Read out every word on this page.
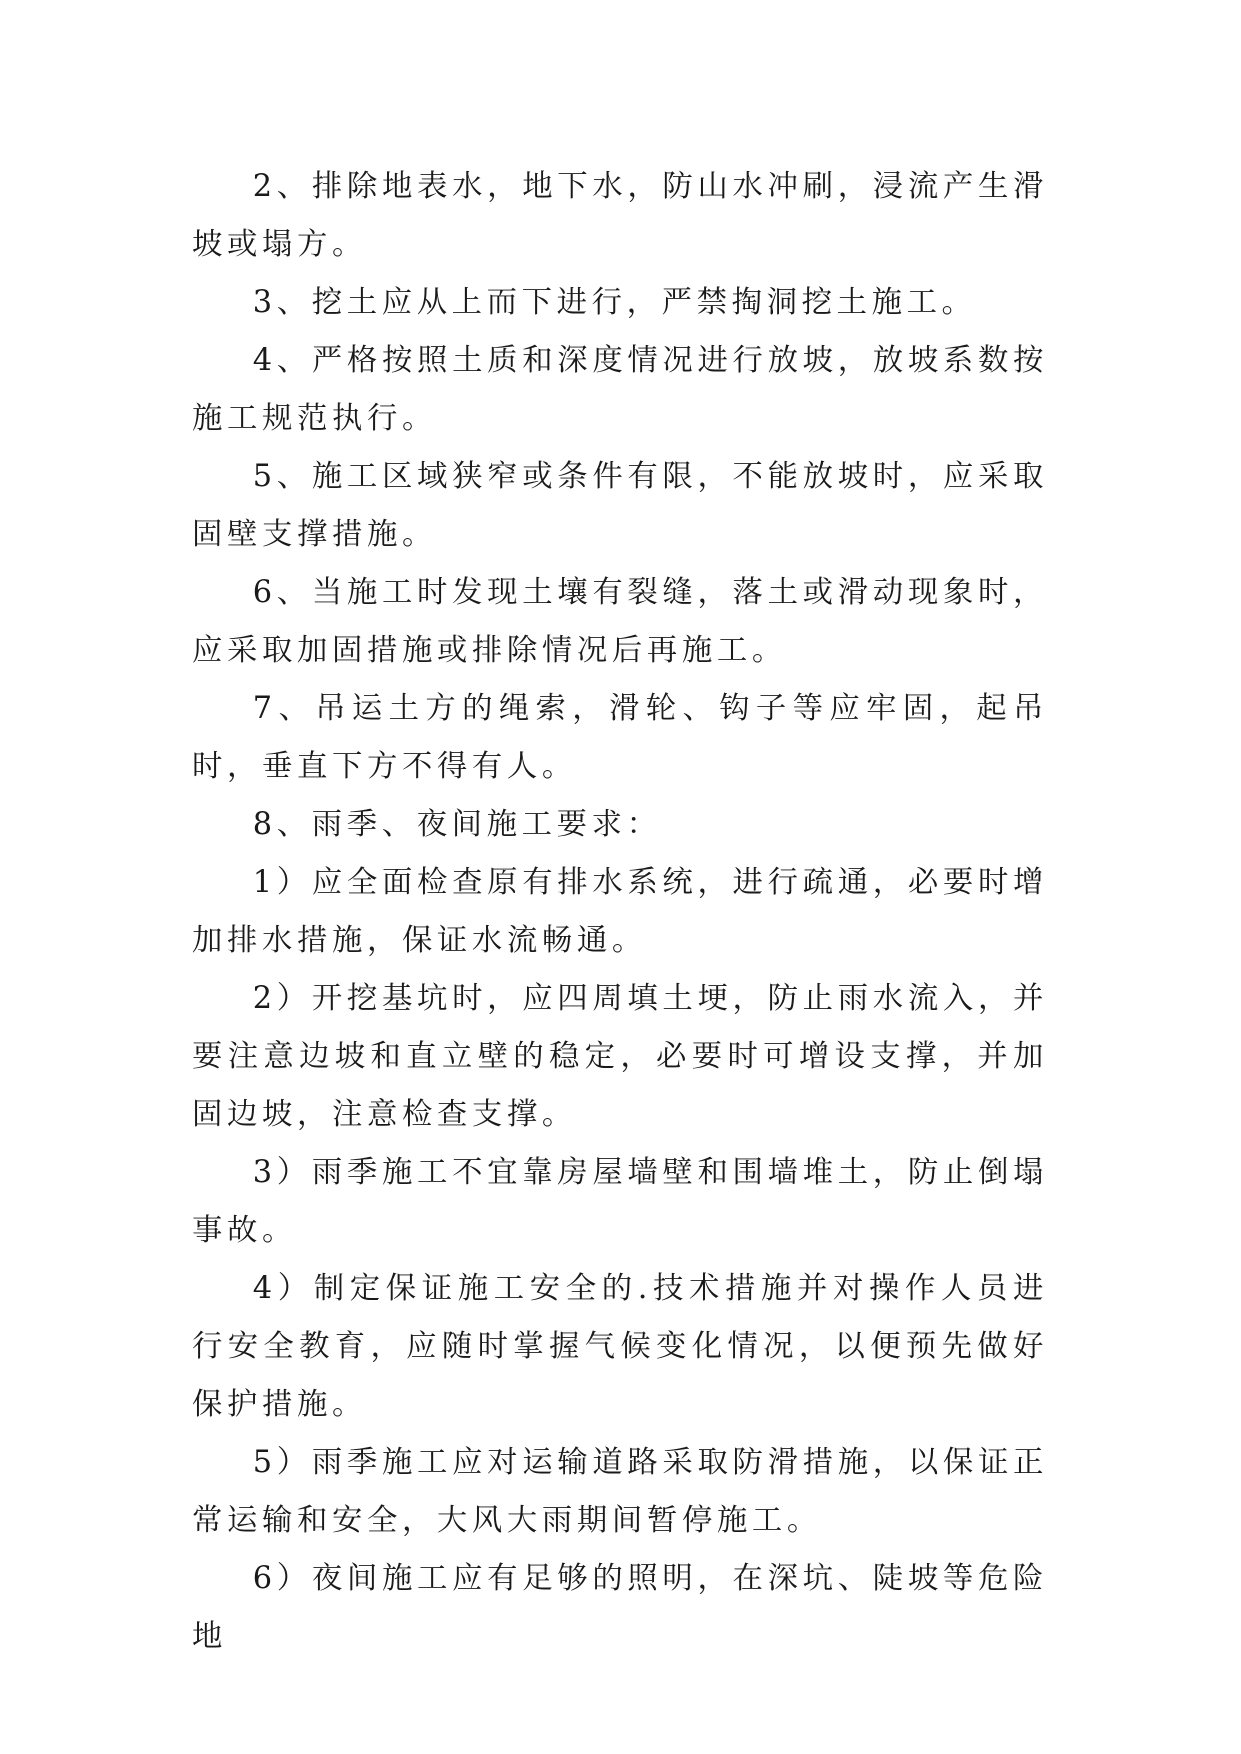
2、排除地表水，地下水，防山水冲刷，浸流产生滑坡或塌方。

3、挖土应从上而下进行，严禁掏洞挖土施工。

4、严格按照土质和深度情况进行放坡，放坡系数按施工规范执行。

5、施工区域狭窄或条件有限，不能放坡时，应采取固壁支撑措施。

6、当施工时发现土壤有裂缝，落土或滑动现象时，应采取加固措施或排除情况后再施工。

7、吊运土方的绳索，滑轮、钩子等应牢固，起吊时，垂直下方不得有人。

8、雨季、夜间施工要求：

1）应全面检查原有排水系统，进行疏通，必要时增加排水措施，保证水流畅通。

2）开挖基坑时，应四周填土埂，防止雨水流入，并要注意边坡和直立壁的稳定，必要时可增设支撑，并加固边坡，注意检查支撑。

3）雨季施工不宜靠房屋墙壁和围墙堆土，防止倒塌事故。

4）制定保证施工安全的.技术措施并对操作人员进行安全教育，应随时掌握气候变化情况，以便预先做好保护措施。

5）雨季施工应对运输道路采取防滑措施，以保证正常运输和安全，大风大雨期间暂停施工。

6）夜间施工应有足够的照明，在深坑、陡坡等危险地
